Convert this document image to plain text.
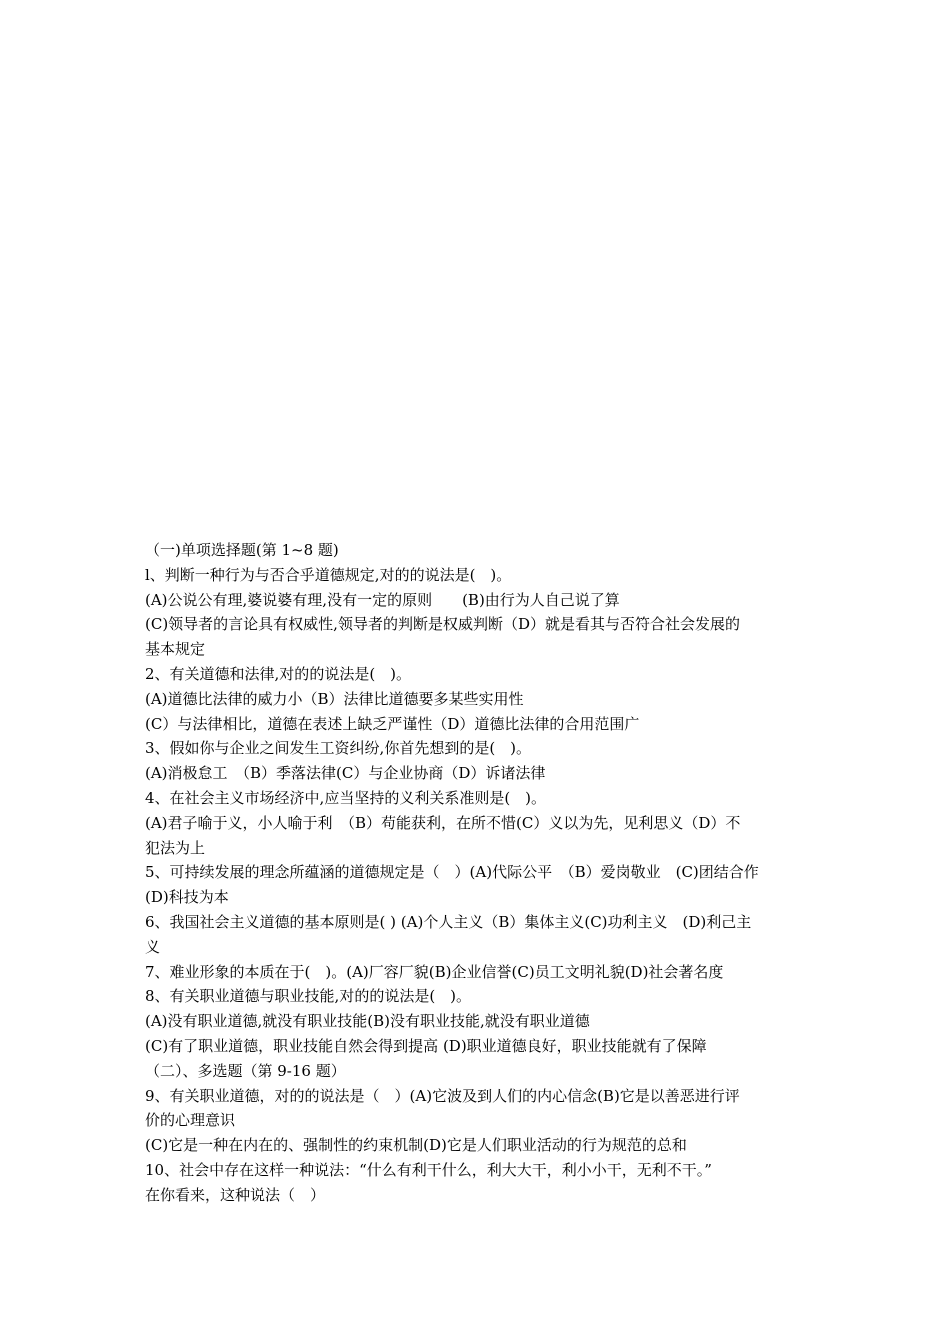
（一)单项选择题(第 1~8 题)
l、判断一种行为与否合乎道德规定,对的的说法是(　)。
(A)公说公有理,婆说婆有理,没有一定的原则　　(B)由行为人自己说了算
(C)领导者的言论具有权威性,领导者的判断是权威判断（D）就是看其与否符合社会发展的
基本规定
2、有关道德和法律,对的的说法是(　)。
(A)道德比法律的威力小（B）法律比道德要多某些实用性
(C）与法律相比，道德在表述上缺乏严谨性（D）道德比法律的合用范围广
3、假如你与企业之间发生工资纠纷,你首先想到的是(　)。
(A)消极怠工　（B）季落法律(C）与企业协商（D）诉诸法律
4、在社会主义市场经济中,应当坚持的义利关系准则是(　)。
(A)君子喻于义，小人喻于利　（B）苟能获利，在所不惜(C）义以为先，见利思义（D）不
犯法为上
5、可持续发展的理念所蕴涵的道德规定是（　）(A)代际公平　（B）爱岗敬业　(C)团结合作
(D)科技为本
6、我国社会主义道德的基本原则是( ) (A)个人主义（B）集体主义(C)功利主义　(D)利己主
义
7、难业形象的本质在于(　)。(A)厂容厂貌(B)企业信誉(C)员工文明礼貌(D)社会著名度
8、有关职业道德与职业技能,对的的说法是(　)。
(A)没有职业道德,就没有职业技能(B)没有职业技能,就没有职业道德
(C)有了职业道德，职业技能自然会得到提高 (D)职业道德良好，职业技能就有了保障
（二）、多选题（第 9-16 题）
9、有关职业道德，对的的说法是（　）(A)它波及到人们的内心信念(B)它是以善恶进行评
价的心理意识
(C)它是一种在内在的、强制性的约束机制(D)它是人们职业活动的行为规范的总和
10、社会中存在这样一种说法：“什么有利干什么，利大大干，利小小干，无利不干。”
在你看来，这种说法（　）
